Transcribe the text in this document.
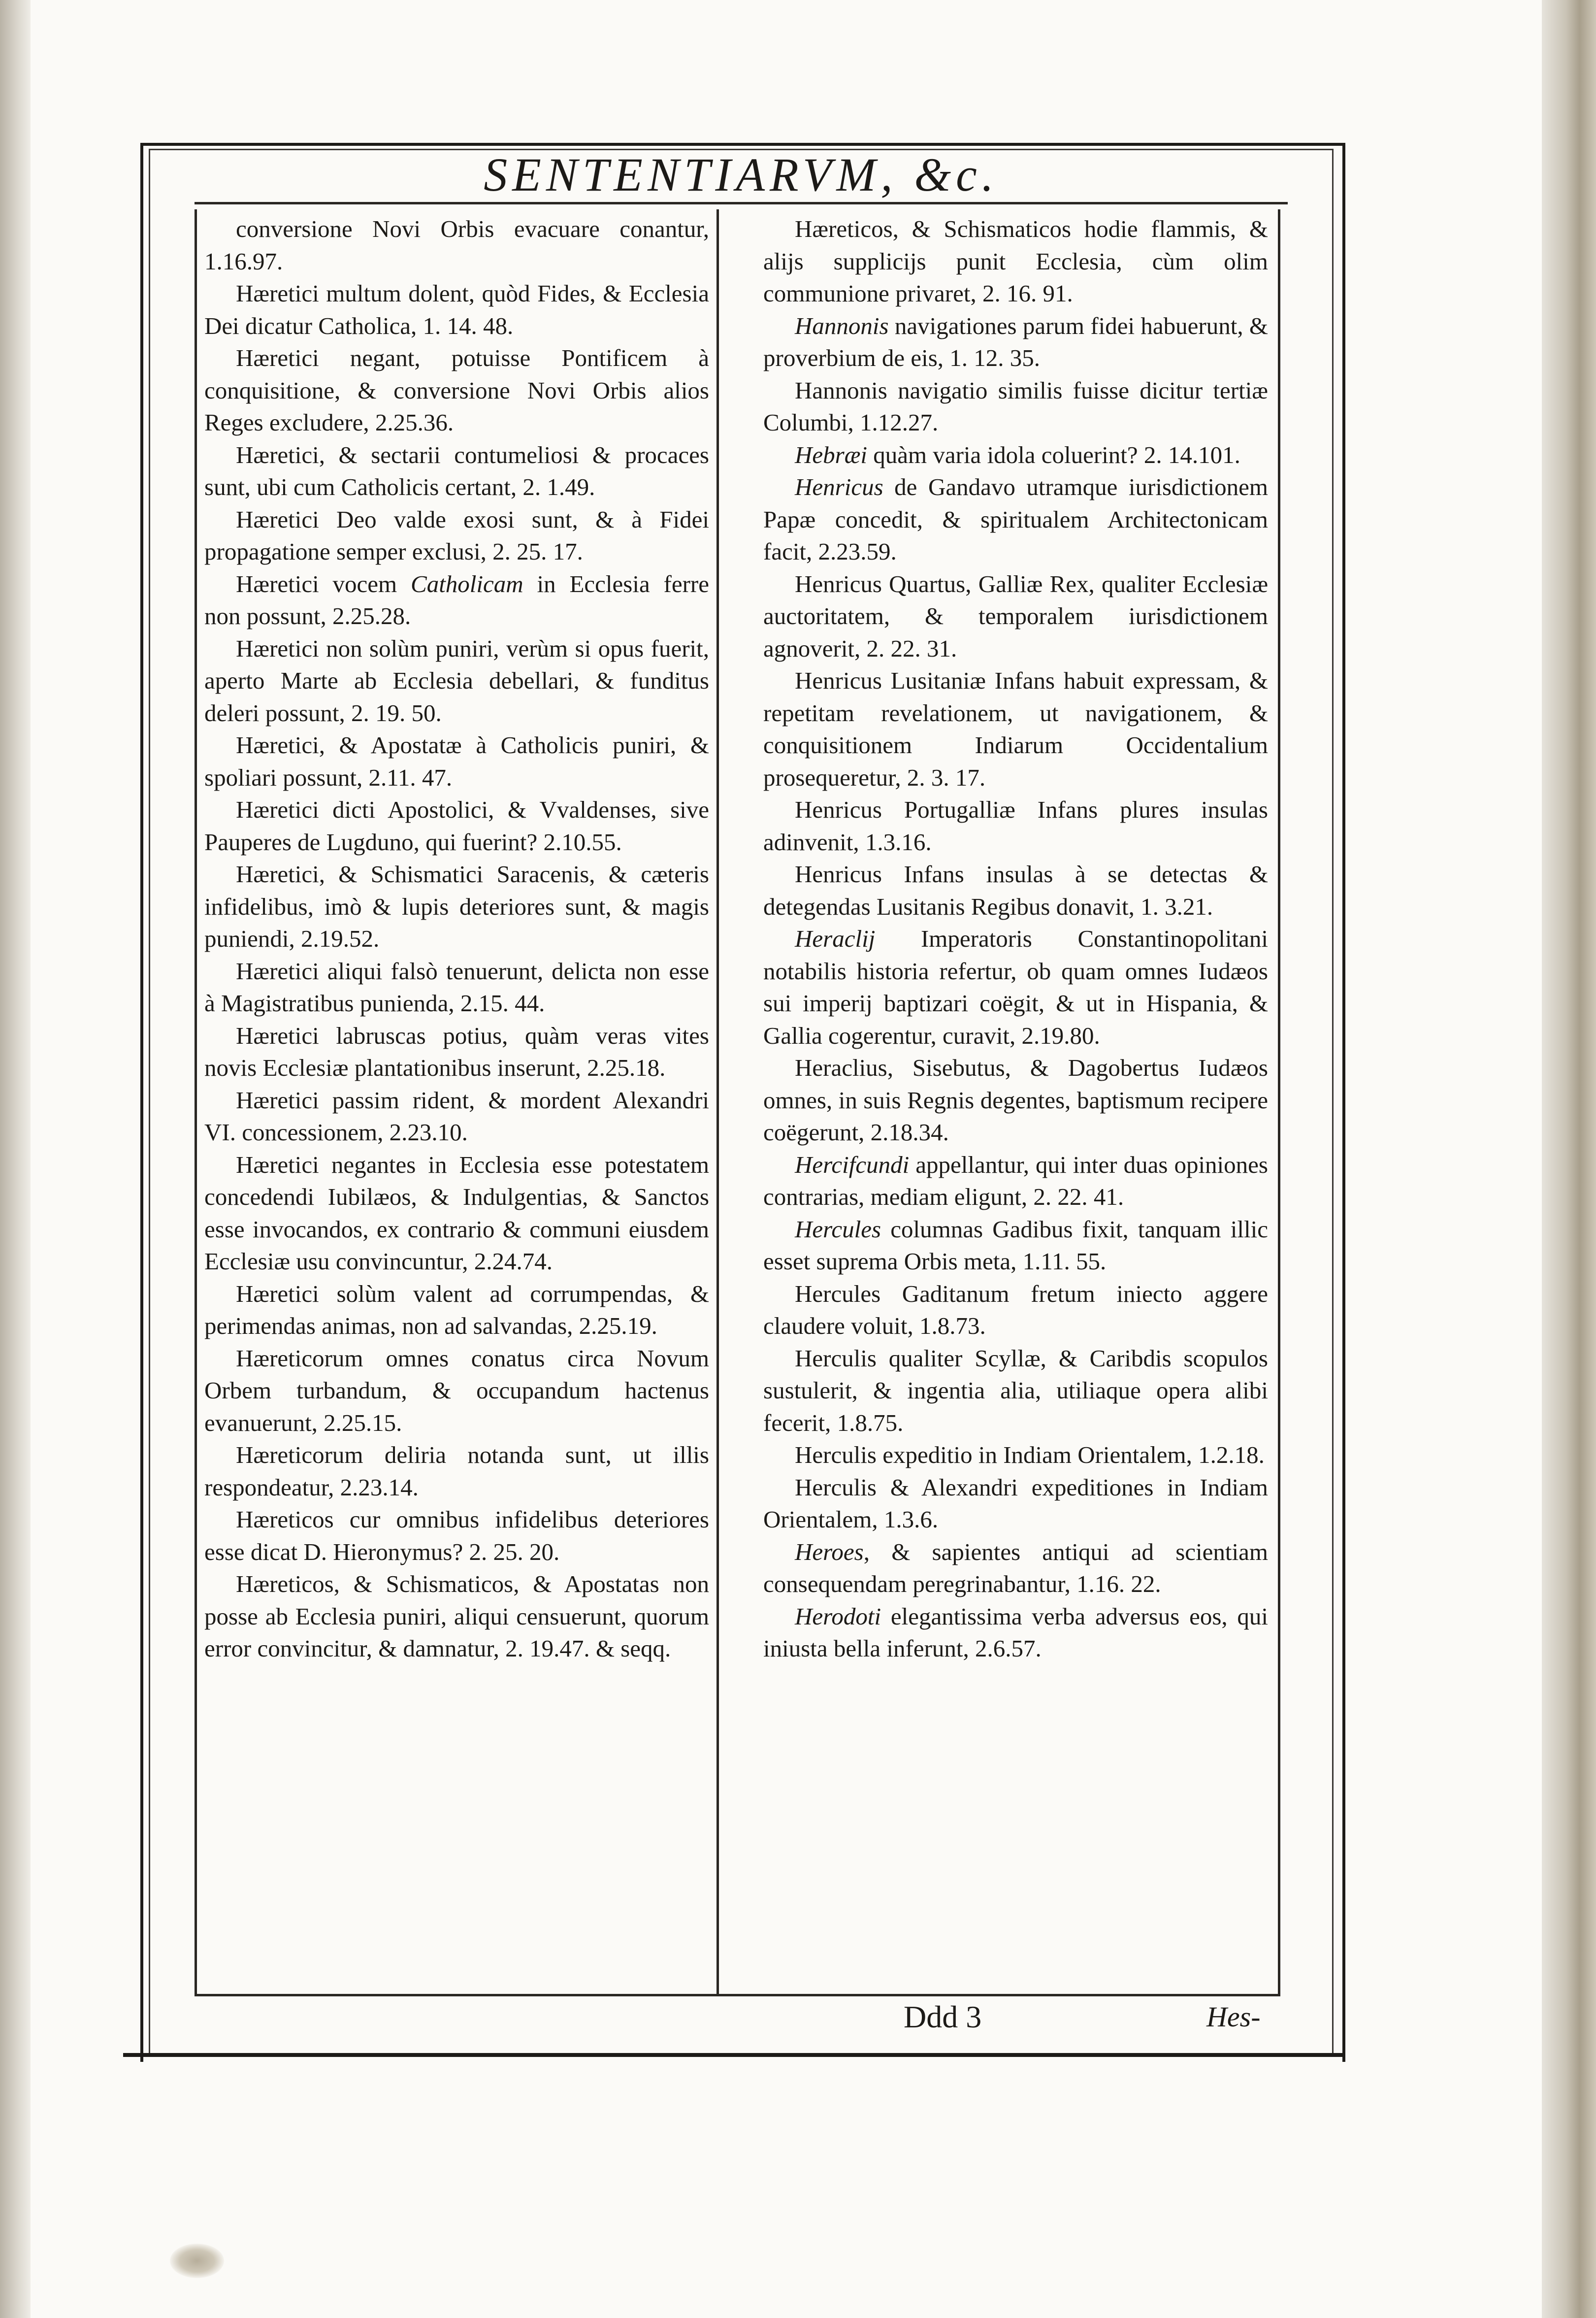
SENTENTIARVM, &c.

conversione Novi Orbis evacuare conantur, 1.16.97.

Hæretici multum dolent, quòd Fides, & Ecclesia Dei dicatur Catholica, 1. 14. 48.

Hæretici negant, potuisse Pontificem à conquisitione, & conversione Novi Orbis alios Reges excludere, 2.25.36.

Hæretici, & sectarii contumeliosi & procaces sunt, ubi cum Catholicis certant, 2. 1.49.

Hæretici Deo valde exosi sunt, & à Fidei propagatione semper exclusi, 2. 25. 17.

Hæretici vocem Catholicam in Ecclesia ferre non possunt, 2.25.28.

Hæretici non solùm puniri, verùm si opus fuerit, aperto Marte ab Ecclesia debellari, & funditus deleri possunt, 2. 19. 50.

Hæretici, & Apostatæ à Catholicis puniri, & spoliari possunt, 2.11. 47.

Hæretici dicti Apostolici, & Vvaldenses, sive Pauperes de Lugduno, qui fuerint? 2.10.55.

Hæretici, & Schismatici Saracenis, & cæteris infidelibus, imò & lupis deteriores sunt, & magis puniendi, 2.19.52.

Hæretici aliqui falsò tenuerunt, delicta non esse à Magistratibus punienda, 2.15. 44.

Hæretici labruscas potius, quàm veras vites novis Ecclesiæ plantationibus inserunt, 2.25.18.

Hæretici passim rident, & mordent Alexandri VI. concessionem, 2.23.10.

Hæretici negantes in Ecclesia esse potestatem concedendi Iubilæos, & Indulgentias, & Sanctos esse invocandos, ex contrario & communi eiusdem Ecclesiæ usu convincuntur, 2.24.74.

Hæretici solùm valent ad corrumpendas, & perimendas animas, non ad salvandas, 2.25.19.

Hæreticorum omnes conatus circa Novum Orbem turbandum, & occupandum hactenus evanuerunt, 2.25.15.

Hæreticorum deliria notanda sunt, ut illis respondeatur, 2.23.14.

Hæreticos cur omnibus infidelibus deteriores esse dicat D. Hieronymus? 2. 25. 20.

Hæreticos, & Schismaticos, & Apostatas non posse ab Ecclesia puniri, aliqui censuerunt, quorum error convincitur, & damnatur, 2. 19.47. & seqq.

Hæreticos, & Schismaticos hodie flammis, & alijs supplicijs punit Ecclesia, cùm olim communione privaret, 2. 16. 91.

Hannonis navigationes parum fidei habuerunt, & proverbium de eis, 1. 12. 35.

Hannonis navigatio similis fuisse dicitur tertiæ Columbi, 1.12.27.

Hebræi quàm varia idola coluerint? 2. 14.101.

Henricus de Gandavo utramque iurisdictionem Papæ concedit, & spiritualem Architectonicam facit, 2.23.59.

Henricus Quartus, Galliæ Rex, qualiter Ecclesiæ auctoritatem, & temporalem iurisdictionem agnoverit, 2. 22. 31.

Henricus Lusitaniæ Infans habuit expressam, & repetitam revelationem, ut navigationem, & conquisitionem Indiarum Occidentalium prosequeretur, 2. 3. 17.

Henricus Portugalliæ Infans plures insulas adinvenit, 1.3.16.

Henricus Infans insulas à se detectas & detegendas Lusitanis Regibus donavit, 1. 3.21.

Heraclij Imperatoris Constantinopolitani notabilis historia refertur, ob quam omnes Iudæos sui imperij baptizari coëgit, & ut in Hispania, & Gallia cogerentur, curavit, 2.19.80.

Heraclius, Sisebutus, & Dagobertus Iudæos omnes, in suis Regnis degentes, baptismum recipere coëgerunt, 2.18.34.

Hercifcundi appellantur, qui inter duas opiniones contrarias, mediam eligunt, 2. 22. 41.

Hercules columnas Gadibus fixit, tanquam illic esset suprema Orbis meta, 1.11. 55.

Hercules Gaditanum fretum iniecto aggere claudere voluit, 1.8.73.

Herculis qualiter Scyllæ, & Caribdis scopulos sustulerit, & ingentia alia, utiliaque opera alibi fecerit, 1.8.75.

Herculis expeditio in Indiam Orientalem, 1.2.18.

Herculis & Alexandri expeditiones in Indiam Orientalem, 1.3.6.

Heroes, & sapientes antiqui ad scientiam consequendam peregrinabantur, 1.16. 22.

Herodoti elegantissima verba adversus eos, qui iniusta bella inferunt, 2.6.57.

Ddd 3	Hes-
